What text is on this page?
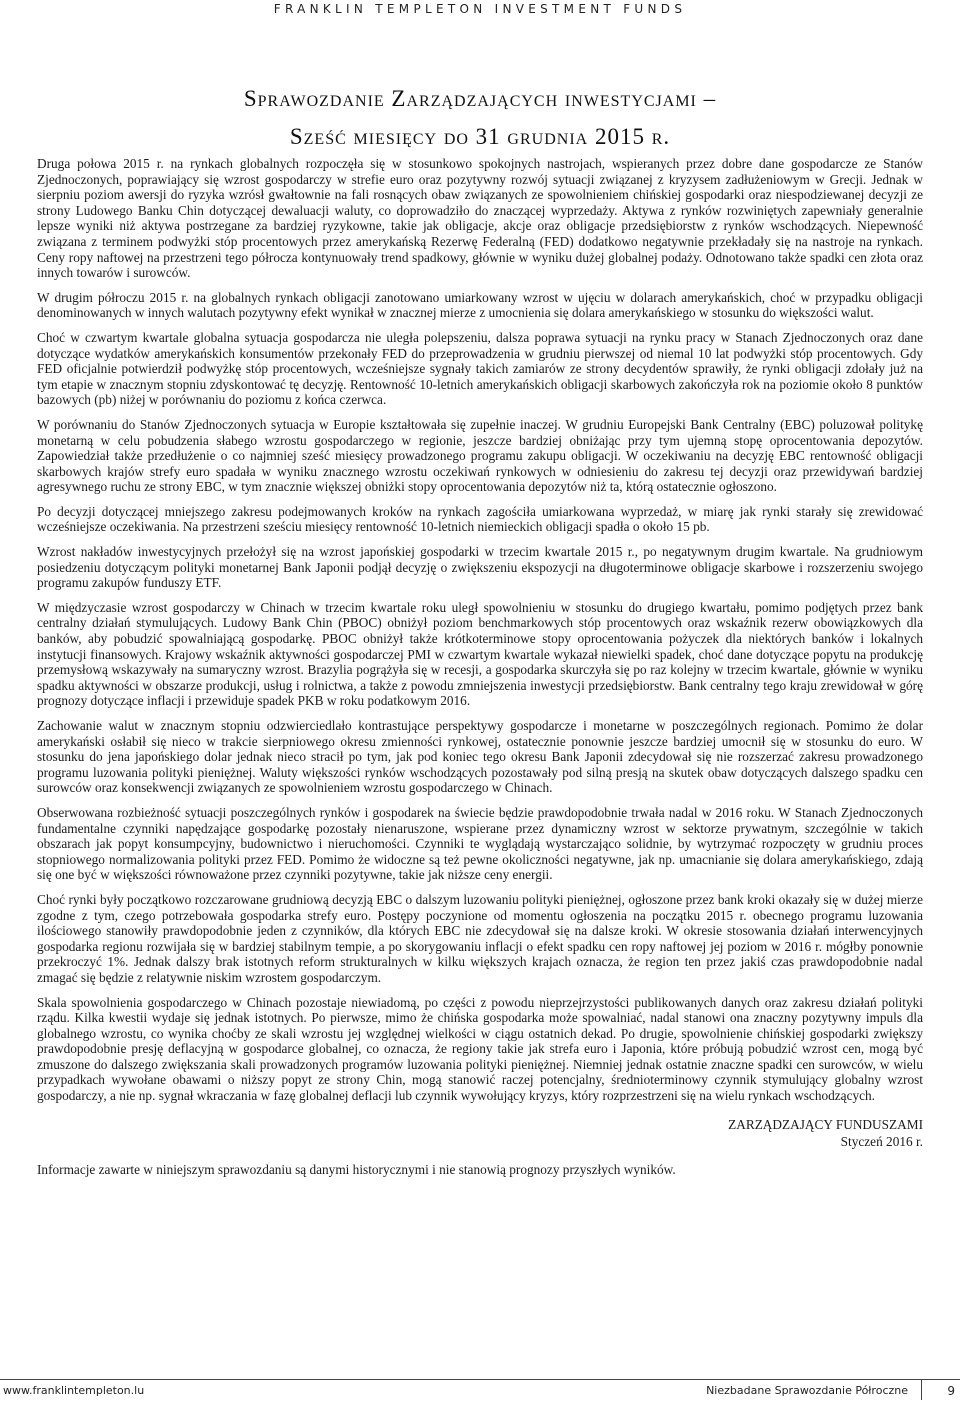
FRANKLIN TEMPLETON INVESTMENT FUNDS
Sprawozdanie Zarządzających inwestycjami –
Sześć miesięcy do 31 grudnia 2015 r.

Druga połowa 2015 r. na rynkach globalnych rozpoczęła się w stosunkowo spokojnych nastrojach, wspieranych przez dobre dane gospodarcze ze Stanów Zjednoczonych, poprawiający się wzrost gospodarczy w strefie euro oraz pozytywny rozwój sytuacji związanej z kryzysem zadłużeniowym w Grecji. Jednak w sierpniu poziom awersji do ryzyka wzrósł gwałtownie na fali rosnących obaw związanych ze spowolnieniem chińskiej gospodarki oraz niespodziewanej decyzji ze strony Ludowego Banku Chin dotyczącej dewaluacji waluty, co doprowadziło do znaczącej wyprzedaży. Aktywa z rynków rozwiniętych zapewniały generalnie lepsze wyniki niż aktywa postrzegane za bardziej ryzykowne, takie jak obligacje, akcje oraz obligacje przedsiębiorstw z rynków wschodzących. Niepewność związana z terminem podwyżki stóp procentowych przez amerykańską Rezerwę Federalną (FED) dodatkowo negatywnie przekładały się na nastroje na rynkach. Ceny ropy naftowej na przestrzeni tego półrocza kontynuowały trend spadkowy, głównie w wyniku dużej globalnej podaży. Odnotowano także spadki cen złota oraz innych towarów i surowców.

W drugim półroczu 2015 r. na globalnych rynkach obligacji zanotowano umiarkowany wzrost w ujęciu w dolarach amerykańskich, choć w przypadku obligacji denominowanych w innych walutach pozytywny efekt wynikał w znacznej mierze z umocnienia się dolara amerykańskiego w stosunku do większości walut.

Choć w czwartym kwartale globalna sytuacja gospodarcza nie uległa polepszeniu, dalsza poprawa sytuacji na rynku pracy w Stanach Zjednoczonych oraz dane dotyczące wydatków amerykańskich konsumentów przekonały FED do przeprowadzenia w grudniu pierwszej od niemal 10 lat podwyżki stóp procentowych. Gdy FED oficjalnie potwierdził podwyżkę stóp procentowych, wcześniejsze sygnały takich zamiarów ze strony decydentów sprawiły, że rynki obligacji zdołały już na tym etapie w znacznym stopniu zdyskontować tę decyzję. Rentowność 10-letnich amerykańskich obligacji skarbowych zakończyła rok na poziomie około 8 punktów bazowych (pb) niżej w porównaniu do poziomu z końca czerwca.

W porównaniu do Stanów Zjednoczonych sytuacja w Europie kształtowała się zupełnie inaczej. W grudniu Europejski Bank Centralny (EBC) poluzował politykę monetarną w celu pobudzenia słabego wzrostu gospodarczego w regionie, jeszcze bardziej obniżając przy tym ujemną stopę oprocentowania depozytów. Zapowiedział także przedłużenie o co najmniej sześć miesięcy prowadzonego programu zakupu obligacji. W oczekiwaniu na decyzję EBC rentowność obligacji skarbowych krajów strefy euro spadała w wyniku znacznego wzrostu oczekiwań rynkowych w odniesieniu do zakresu tej decyzji oraz przewidywań bardziej agresywnego ruchu ze strony EBC, w tym znacznie większej obniżki stopy oprocentowania depozytów niż ta, którą ostatecznie ogłoszono.

Po decyzji dotyczącej mniejszego zakresu podejmowanych kroków na rynkach zagościła umiarkowana wyprzedaż, w miarę jak rynki starały się zrewidować wcześniejsze oczekiwania. Na przestrzeni sześciu miesięcy rentowność 10-letnich niemieckich obligacji spadła o około 15 pb.

Wzrost nakładów inwestycyjnych przełożył się na wzrost japońskiej gospodarki w trzecim kwartale 2015 r., po negatywnym drugim kwartale. Na grudniowym posiedzeniu dotyczącym polityki monetarnej Bank Japonii podjął decyzję o zwiększeniu ekspozycji na długoterminowe obligacje skarbowe i rozszerzeniu swojego programu zakupów funduszy ETF.

W międzyczasie wzrost gospodarczy w Chinach w trzecim kwartale roku uległ spowolnieniu w stosunku do drugiego kwartału, pomimo podjętych przez bank centralny działań stymulujących. Ludowy Bank Chin (PBOC) obniżył poziom benchmarkowych stóp procentowych oraz wskaźnik rezerw obowiązkowych dla banków, aby pobudzić spowalniającą gospodarkę. PBOC obniżył także krótkoterminowe stopy oprocentowania pożyczek dla niektórych banków i lokalnych instytucji finansowych. Krajowy wskaźnik aktywności gospodarczej PMI w czwartym kwartale wykazał niewielki spadek, choć dane dotyczące popytu na produkcję przemysłową wskazywały na sumaryczny wzrost. Brazylia pogrążyła się w recesji, a gospodarka skurczyła się po raz kolejny w trzecim kwartale, głównie w wyniku spadku aktywności w obszarze produkcji, usług i rolnictwa, a także z powodu zmniejszenia inwestycji przedsiębiorstw. Bank centralny tego kraju zrewidował w górę prognozy dotyczące inflacji i przewiduje spadek PKB w roku podatkowym 2016.

Zachowanie walut w znacznym stopniu odzwierciedlało kontrastujące perspektywy gospodarcze i monetarne w poszczególnych regionach. Pomimo że dolar amerykański osłabił się nieco w trakcie sierpniowego okresu zmienności rynkowej, ostatecznie ponownie jeszcze bardziej umocnił się w stosunku do euro. W stosunku do jena japońskiego dolar jednak nieco stracił po tym, jak pod koniec tego okresu Bank Japonii zdecydował się nie rozszerzać zakresu prowadzonego programu luzowania polityki pieniężnej. Waluty większości rynków wschodzących pozostawały pod silną presją na skutek obaw dotyczących dalszego spadku cen surowców oraz konsekwencji związanych ze spowolnieniem wzrostu gospodarczego w Chinach.

Obserwowana rozbieżność sytuacji poszczególnych rynków i gospodarek na świecie będzie prawdopodobnie trwała nadal w 2016 roku. W Stanach Zjednoczonych fundamentalne czynniki napędzające gospodarkę pozostały nienaruszone, wspierane przez dynamiczny wzrost w sektorze prywatnym, szczególnie w takich obszarach jak popyt konsumpcyjny, budownictwo i nieruchomości. Czynniki te wyglądają wystarczająco solidnie, by wytrzymać rozpoczęty w grudniu proces stopniowego normalizowania polityki przez FED. Pomimo że widoczne są też pewne okoliczności negatywne, jak np. umacnianie się dolara amerykańskiego, zdają się one być w większości równoważone przez czynniki pozytywne, takie jak niższe ceny energii.

Choć rynki były początkowo rozczarowane grudniową decyzją EBC o dalszym luzowaniu polityki pieniężnej, ogłoszone przez bank kroki okazały się w dużej mierze zgodne z tym, czego potrzebowała gospodarka strefy euro. Postępy poczynione od momentu ogłoszenia na początku 2015 r. obecnego programu luzowania ilościowego stanowiły prawdopodobnie jeden z czynników, dla których EBC nie zdecydował się na dalsze kroki. W okresie stosowania działań interwencyjnych gospodarka regionu rozwijała się w bardziej stabilnym tempie, a po skorygowaniu inflacji o efekt spadku cen ropy naftowej jej poziom w 2016 r. mógłby ponownie przekroczyć 1%. Jednak dalszy brak istotnych reform strukturalnych w kilku większych krajach oznacza, że region ten przez jakiś czas prawdopodobnie nadal zmagać się będzie z relatywnie niskim wzrostem gospodarczym.

Skala spowolnienia gospodarczego w Chinach pozostaje niewiadomą, po części z powodu nieprzejrzystości publikowanych danych oraz zakresu działań polityki rządu. Kilka kwestii wydaje się jednak istotnych. Po pierwsze, mimo że chińska gospodarka może spowalniać, nadal stanowi ona znaczny pozytywny impuls dla globalnego wzrostu, co wynika choćby ze skali wzrostu jej względnej wielkości w ciągu ostatnich dekad. Po drugie, spowolnienie chińskiej gospodarki zwiększy prawdopodobnie presję deflacyjną w gospodarce globalnej, co oznacza, że regiony takie jak strefa euro i Japonia, które próbują pobudzić wzrost cen, mogą być zmuszone do dalszego zwiększania skali prowadzonych programów luzowania polityki pieniężnej. Niemniej jednak ostatnie znaczne spadki cen surowców, w wielu przypadkach wywołane obawami o niższy popyt ze strony Chin, mogą stanowić raczej potencjalny, średnioterminowy czynnik stymulujący globalny wzrost gospodarczy, a nie np. sygnał wkraczania w fazę globalnej deflacji lub czynnik wywołujący kryzys, który rozprzestrzeni się na wielu rynkach wschodzących.

ZARZĄDZAJĄCY FUNDUSZAMI
Styczeń 2016 r.
Informacje zawarte w niniejszym sprawozdaniu są danymi historycznymi i nie stanowią prognozy przyszłych wyników.
www.franklintempleton.lu	Niezbadane Sprawozdanie Półroczne	9
